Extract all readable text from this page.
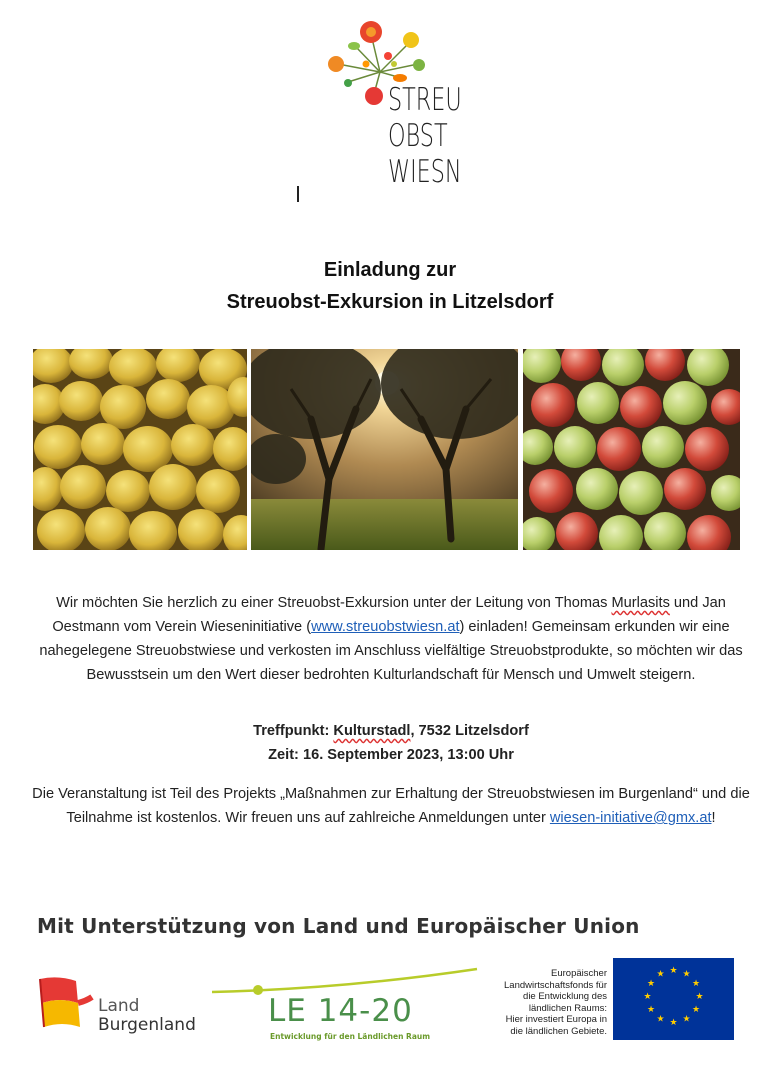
STREU
OBST
WIESN
Einladung zur
Streuobst-Exkursion in Litzelsdorf
Wir möchten Sie herzlich zu einer Streuobst-Exkursion unter der Leitung von Thomas Murlasits und Jan Oestmann vom Verein Wieseninitiative (www.streuobstwiesn.at) einladen! Gemeinsam erkunden wir eine nahegelegene Streuobstwiese und verkosten im Anschluss vielfältige Streuobstprodukte, so möchten wir das Bewusstsein um den Wert dieser bedrohten Kulturlandschaft für Mensch und Umwelt steigern.
Treffpunkt: Kulturstadl, 7532 Litzelsdorf
Zeit: 16. September 2023, 13:00 Uhr
Die Veranstaltung ist Teil des Projekts „Maßnahmen zur Erhaltung der Streuobstwiesen im Burgenland“ und die Teilnahme ist kostenlos. Wir freuen uns auf zahlreiche Anmeldungen unter wiesen-initiative@gmx.at!
Mit Unterstützung von Land und Europäischer Union
Land
Burgenland LE 14-20
Entwicklung für den Ländlichen Raum
Europäischer
Landwirtschaftsfonds für
die Entwicklung des
ländlichen Raums:
Hier investiert Europa in
die ländlichen Gebiete.
★ ★
★
★
★
★
★
★
★
★
★
★
